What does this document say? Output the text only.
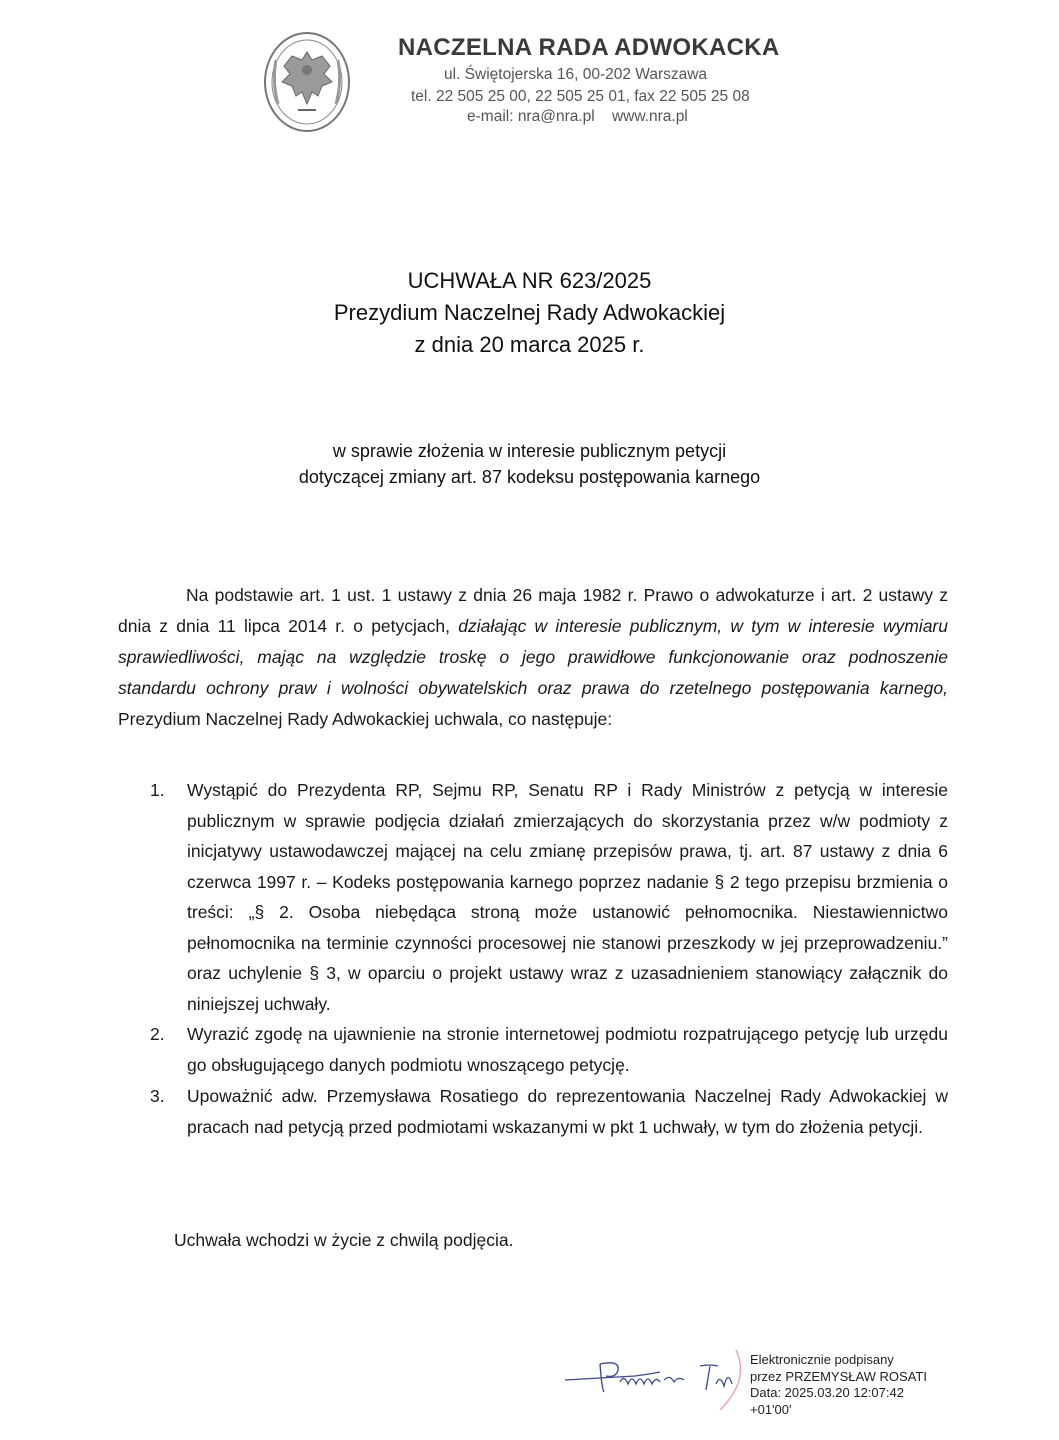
NACZELNA RADA ADWOKACKA
ul. Świętojerska 16, 00-202 Warszawa
tel. 22 505 25 00, 22 505 25 01, fax 22 505 25 08
e-mail: nra@nra.pl    www.nra.pl
UCHWAŁA NR 623/2025
Prezydium Naczelnej Rady Adwokackiej
z dnia 20 marca 2025 r.
w sprawie złożenia w interesie publicznym petycji
dotyczącej zmiany art. 87 kodeksu postępowania karnego
Na podstawie art. 1 ust. 1 ustawy z dnia 26 maja 1982 r. Prawo o adwokaturze i art. 2 ustawy z dnia z dnia 11 lipca 2014 r. o petycjach, działając w interesie publicznym, w tym w interesie wymiaru sprawiedliwości, mając na względzie troskę o jego prawidłowe funkcjonowanie oraz podnoszenie standardu ochrony praw i wolności obywatelskich oraz prawa do rzetelnego postępowania karnego, Prezydium Naczelnej Rady Adwokackiej uchwala, co następuje:
1. Wystąpić do Prezydenta RP, Sejmu RP, Senatu RP i Rady Ministrów z petycją w interesie publicznym w sprawie podjęcia działań zmierzających do skorzystania przez w/w podmioty z inicjatywy ustawodawczej mającej na celu zmianę przepisów prawa, tj. art. 87 ustawy z dnia 6 czerwca 1997 r. – Kodeks postępowania karnego poprzez nadanie § 2 tego przepisu brzmienia o treści: „§ 2. Osoba niebędąca stroną może ustanowić pełnomocnika. Niestawiennictwo pełnomocnika na terminie czynności procesowej nie stanowi przeszkody w jej przeprowadzeniu.” oraz uchylenie § 3, w oparciu o projekt ustawy wraz z uzasadnieniem stanowiący załącznik do niniejszej uchwały.
2. Wyrazić zgodę na ujawnienie na stronie internetowej podmiotu rozpatrującego petycję lub urzędu go obsługującego danych podmiotu wnoszącego petycję.
3. Upoważnić adw. Przemysława Rosatiego do reprezentowania Naczelnej Rady Adwokackiej w pracach nad petycją przed podmiotami wskazanymi w pkt 1 uchwały, w tym do złożenia petycji.
Uchwała wchodzi w życie z chwilą podjęcia.
Elektronicznie podpisany
przez PRZEMYSŁAW ROSATI
Data: 2025.03.20 12:07:42
+01'00'
